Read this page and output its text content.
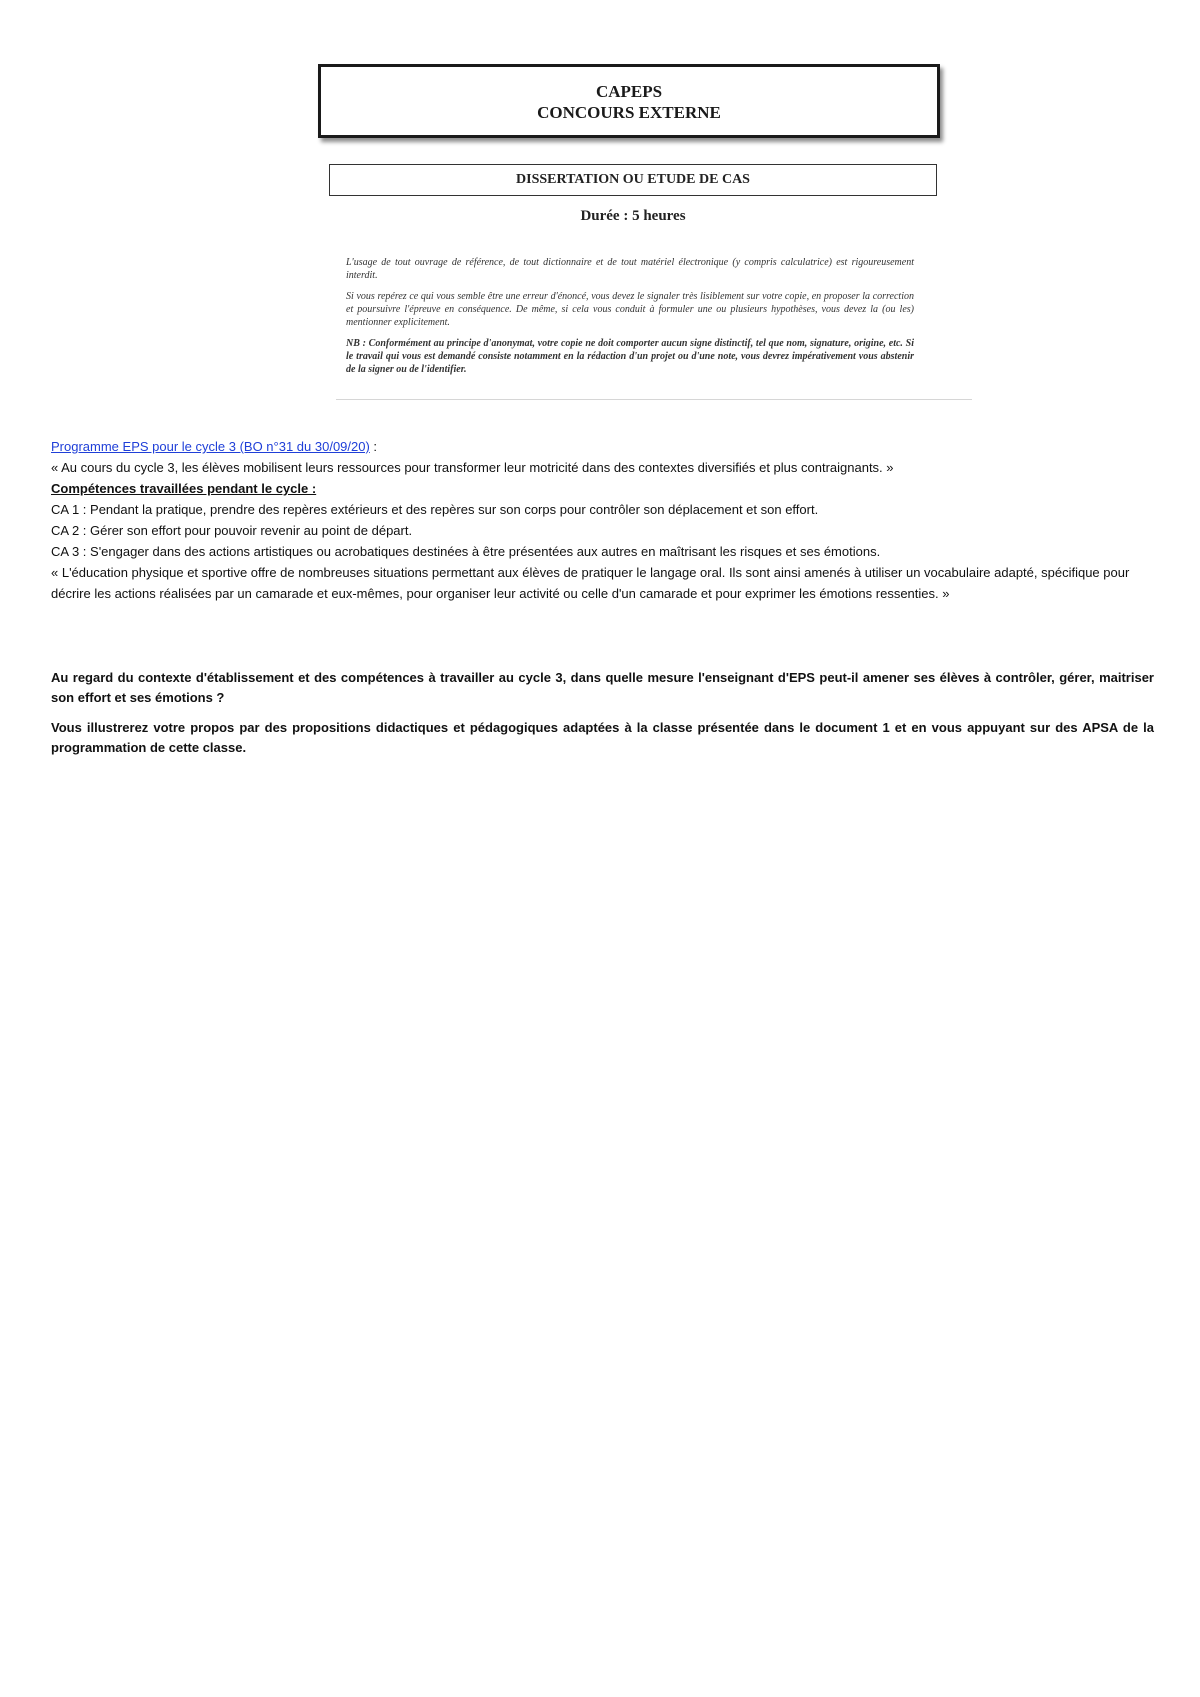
CAPEPS
CONCOURS EXTERNE
DISSERTATION OU ETUDE DE CAS
Durée : 5 heures

L'usage de tout ouvrage de référence, de tout dictionnaire et de tout matériel électronique (y compris calculatrice) est rigoureusement interdit.

Si vous repérez ce qui vous semble être une erreur d'énoncé, vous devez le signaler très lisiblement sur votre copie, en proposer la correction et poursuivre l'épreuve en conséquence. De même, si cela vous conduit à formuler une ou plusieurs hypothèses, vous devez la (ou les) mentionner explicitement.

NB : Conformément au principe d'anonymat, votre copie ne doit comporter aucun signe distinctif, tel que nom, signature, origine, etc. Si le travail qui vous est demandé consiste notamment en la rédaction d'un projet ou d'une note, vous devrez impérativement vous abstenir de la signer ou de l'identifier.

Programme EPS pour le cycle 3 (BO n°31 du 30/09/20) :

« Au cours du cycle 3, les élèves mobilisent leurs ressources pour transformer leur motricité dans des contextes diversifiés et plus contraignants. »

Compétences travaillées pendant le cycle :

CA 1 : Pendant la pratique, prendre des repères extérieurs et des repères sur son corps pour contrôler son déplacement et son effort.

CA 2 : Gérer son effort pour pouvoir revenir au point de départ.

CA 3 : S'engager dans des actions artistiques ou acrobatiques destinées à être présentées aux autres en maîtrisant les risques et ses émotions.

« L'éducation physique et sportive offre de nombreuses situations permettant aux élèves de pratiquer le langage oral. Ils sont ainsi amenés à utiliser un vocabulaire adapté, spécifique pour décrire les actions réalisées par un camarade et eux-mêmes, pour organiser leur activité ou celle d'un camarade et pour exprimer les émotions ressenties. »

Au regard du contexte d'établissement et des compétences à travailler au cycle 3, dans quelle mesure l'enseignant d'EPS peut-il amener ses élèves à contrôler, gérer, maitriser son effort et ses émotions ?

Vous illustrerez votre propos par des propositions didactiques et pédagogiques adaptées à la classe présentée dans le document 1 et en vous appuyant sur des APSA de la programmation de cette classe.
